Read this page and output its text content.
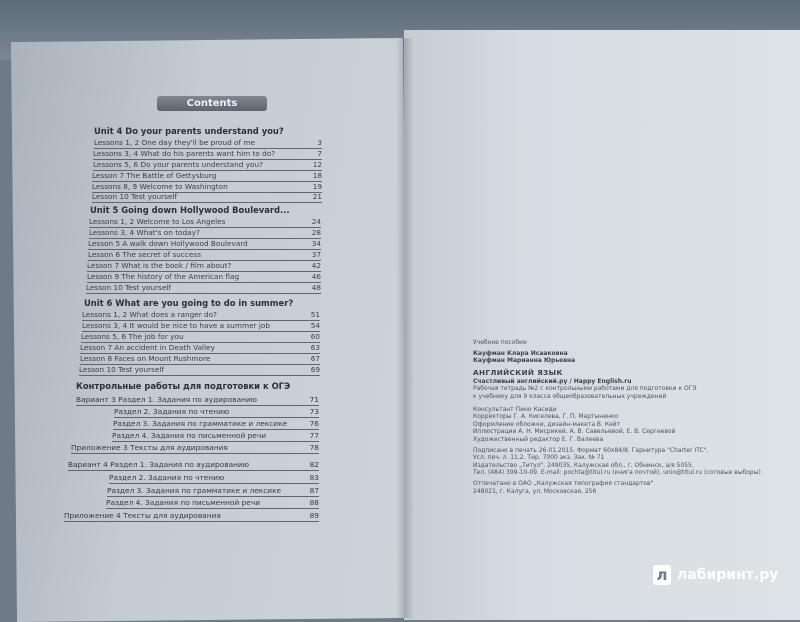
Contents
Unit 4 Do your parents understand you?
Lessons 1, 2 One day they'll be proud of me	3
Lessons 3, 4 What do his parents want him to do?	7
Lessons 5, 6 Do your parents understand you?	12
Lesson 7 The Battle of Gettysburg	18
Lessons 8, 9 Welcome to Washington	19
Lesson 10 Test yourself	21
Unit 5 Going down Hollywood Boulevard...
Lessons 1, 2 Welcome to Los Angeles	24
Lessons 3, 4 What's on today?	28
Lesson 5 A walk down Hollywood Boulevard	34
Lesson 6 The secret of success	37
Lesson 7 What is the book / film about?	42
Lesson 9 The history of the American flag	46
Lesson 10 Test yourself	48
Unit 6 What are you going to do in summer?
Lessons 1, 2 What does a ranger do?	51
Lessons 3, 4 It would be nice to have a summer job	54
Lessons 5, 6 The job for you	60
Lesson 7 An accident in Death Valley	63
Lesson 8 Faces on Mount Rushmore	67
Lesson 10 Test yourself	69
Контрольные работы для подготовки к ОГЭ
Вариант 3 Раздел 1. Задания по аудированию	71
Раздел 2. Задания по чтению	73
Раздел 3. Задания по грамматике и лексике	76
Раздел 4. Задания по письменной речи	77
Приложение 3 Тексты для аудирования	78
Вариант 4 Раздел 1. Задания по аудированию	82
Раздел 2. Задания по чтению	83
Раздел 3. Задания по грамматике и лексике	87
Раздел 4. Задания по письменной речи	88
Приложение 4 Тексты для аудирования	89
Учебное пособие
Кауфман Клара Исааковна
Кауфман Марианна Юрьевна
АНГЛИЙСКИЙ ЯЗЫК
Счастливый английский.ру / Happy English.ru
Рабочая тетрадь №2 с контрольными работами для подготовки к ОГЭ
к учебнику для 9 класса общеобразовательных учреждений
Консультант Пино Касиди
Корректоры Г. А. Киселева, Г. П. Мартыненко
Оформление обложки, дизайн-макета В. Кейт
Иллюстрации А. Н. Мисрикей, А. В. Савельевой, Е. В. Сергеевой
Художественный редактор Е. Г. Валеева
Подписано в печать 26.01.2015. Формат 60х84/8. Гарнитура "Charter ITC".
Усл. печ. л. 11,2. Тир. 7000 экз. Зак. № 71
Издательство „Титул". 249035, Калужская обл., г. Обнинск, а/я 5055.
Тел. (484) 399-10-09. E-mail: pochta@titul.ru (книга почтой), unio@titul.ru (сотовые выборы)
Отпечатано в ОАО „Калужская типография стандартов"
248021, г. Калуга, ул. Московская, 256
л лабиринт.ру
